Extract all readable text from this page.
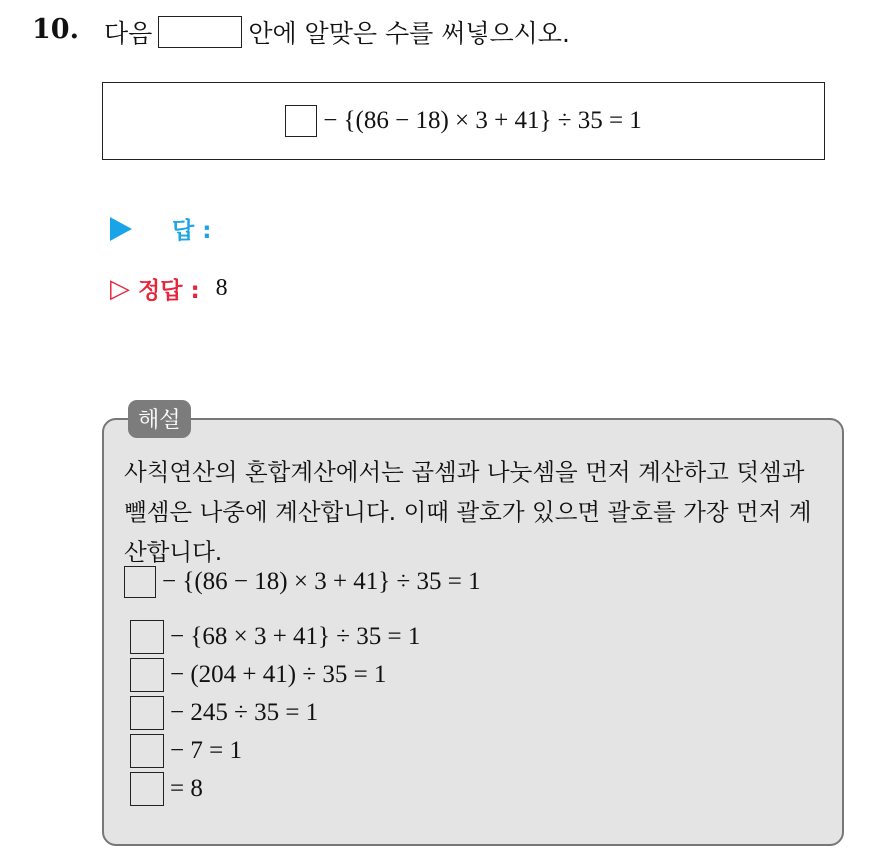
10. 다음	안에 알맞은 수를 써넣으시오.
− {(86 − 18) × 3 + 41} ÷ 35 = 1
답 :
▷ 정답 : 8
해설
사칙연산의 혼합계산에서는 곱셈과 나눗셈을 먼저 계산하고 덧셈과 뺄셈은 나중에 계산합니다. 이때 괄호가 있으면 괄호를 가장 먼저 계산합니다.
− {(86 − 18) × 3 + 41} ÷ 35 = 1
− {68 × 3 + 41} ÷ 35 = 1
− (204 + 41) ÷ 35 = 1
− 245 ÷ 35 = 1
− 7 = 1
= 8
